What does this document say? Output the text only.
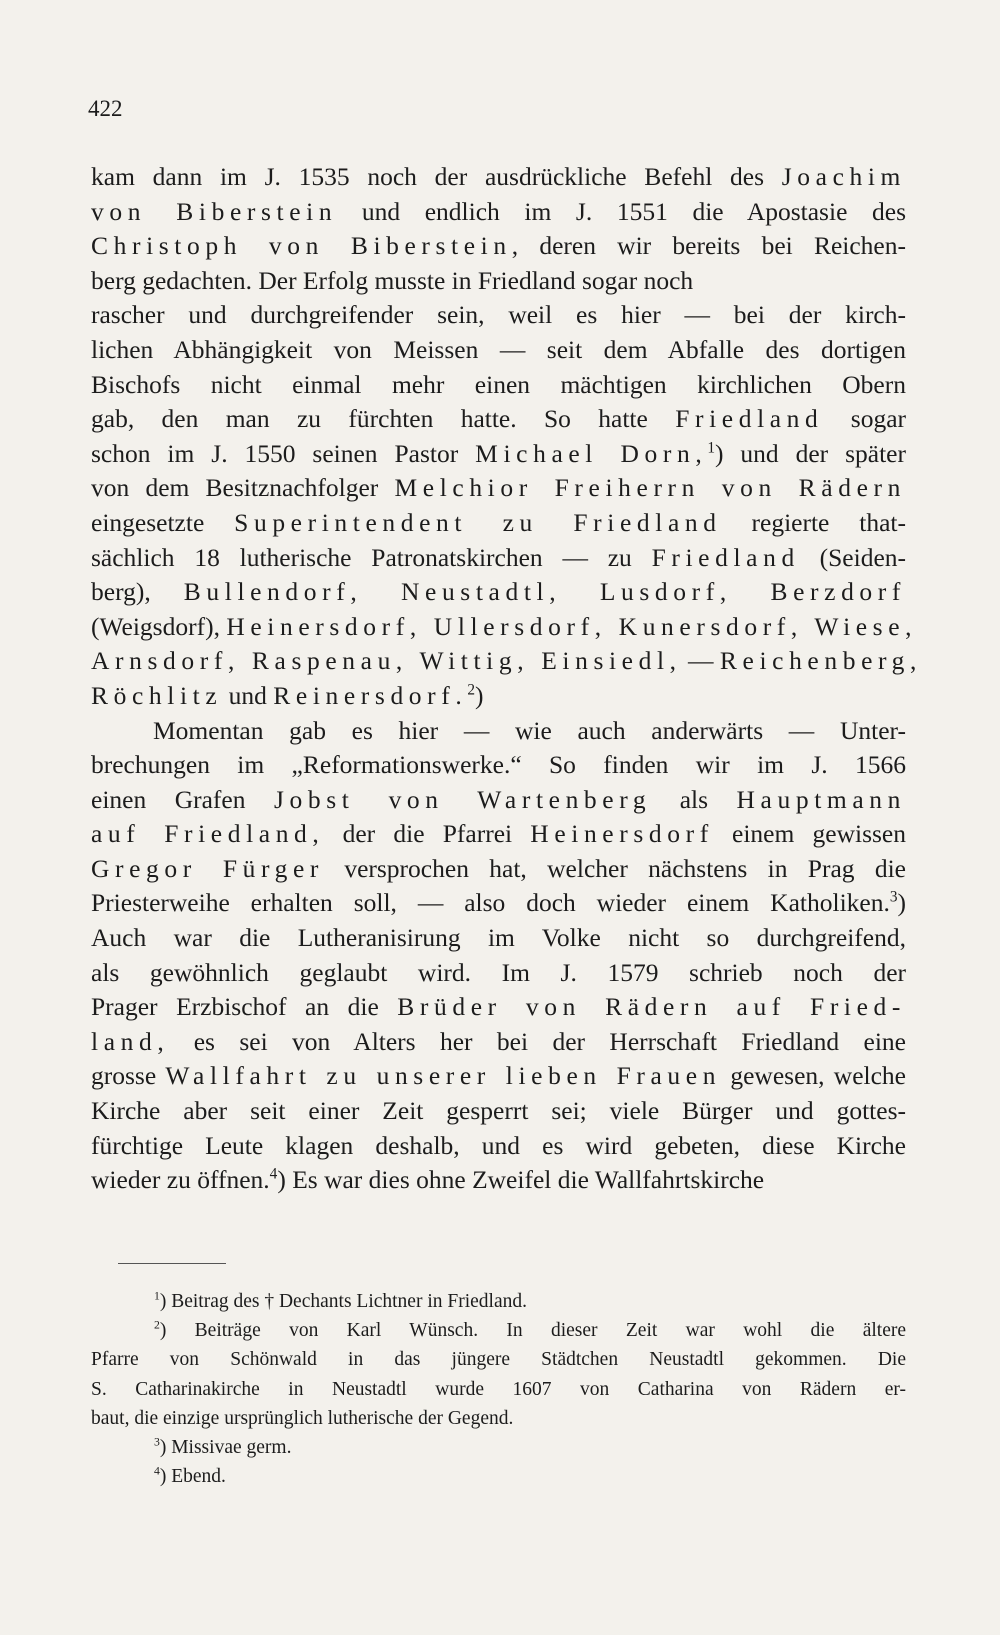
422
kam dann im J. 1535 noch der ausdrückliche Befehl des Joachim
von Biberstein und endlich im J. 1551 die Apostasie des
Christoph von Biberstein, deren wir bereits bei Reichen-
berg gedachten. Der Erfolg musste in Friedland sogar noch
rascher und durchgreifender sein, weil es hier — bei der kirch-
lichen Abhängigkeit von Meissen — seit dem Abfalle des dortigen
Bischofs nicht einmal mehr einen mächtigen kirchlichen Obern
gab, den man zu fürchten hatte. So hatte Friedland sogar
schon im J. 1550 seinen Pastor Michael Dorn,$^1$) und der später
von dem Besitznachfolger Melchior Freiherrn von Rädern
eingesetzte Superintendent zu Friedland regierte that-
sächlich 18 lutherische Patronatskirchen — zu Friedland (Seiden-
berg), Bullendorf, Neustadtl, Lusdorf, Berzdorf
(Weigsdorf), Heinersdorf, Ullersdorf, Kunersdorf, Wiese,
Arnsdorf, Raspenau, Wittig, Einsiedl, — Reichenberg,
Röchlitz und Reinersdorf.$^2$)
Momentan gab es hier — wie auch anderwärts — Unter-
brechungen im „Reformationswerke.“ So finden wir im J. 1566
einen Grafen Jobst von Wartenberg als Hauptmann
auf Friedland, der die Pfarrei Heinersdorf einem gewissen
Gregor Fürger versprochen hat, welcher nächstens in Prag die
Priesterweihe erhalten soll, — also doch wieder einem Katholiken.$^3$)
Auch war die Lutheranisirung im Volke nicht so durchgreifend,
als gewöhnlich geglaubt wird. Im J. 1579 schrieb noch der
Prager Erzbischof an die Brüder von Rädern auf Fried-
land, es sei von Alters her bei der Herrschaft Friedland eine
grosse Wallfahrt zu unserer lieben Frauen gewesen, welche
Kirche aber seit einer Zeit gesperrt sei; viele Bürger und gottes-
fürchtige Leute klagen deshalb, und es wird gebeten, diese Kirche
wieder zu öffnen.$^4$) Es war dies ohne Zweifel die Wallfahrtskirche
$^1$) Beitrag des † Dechants Lichtner in Friedland.
$^2$) Beiträge von Karl Wünsch. In dieser Zeit war wohl die ältere
Pfarre von Schönwald in das jüngere Städtchen Neustadtl gekommen. Die
S. Catharinakirche in Neustadtl wurde 1607 von Catharina von Rädern er-
baut, die einzige ursprünglich lutherische der Gegend.
$^3$) Missivae germ.
$^4$) Ebend.
